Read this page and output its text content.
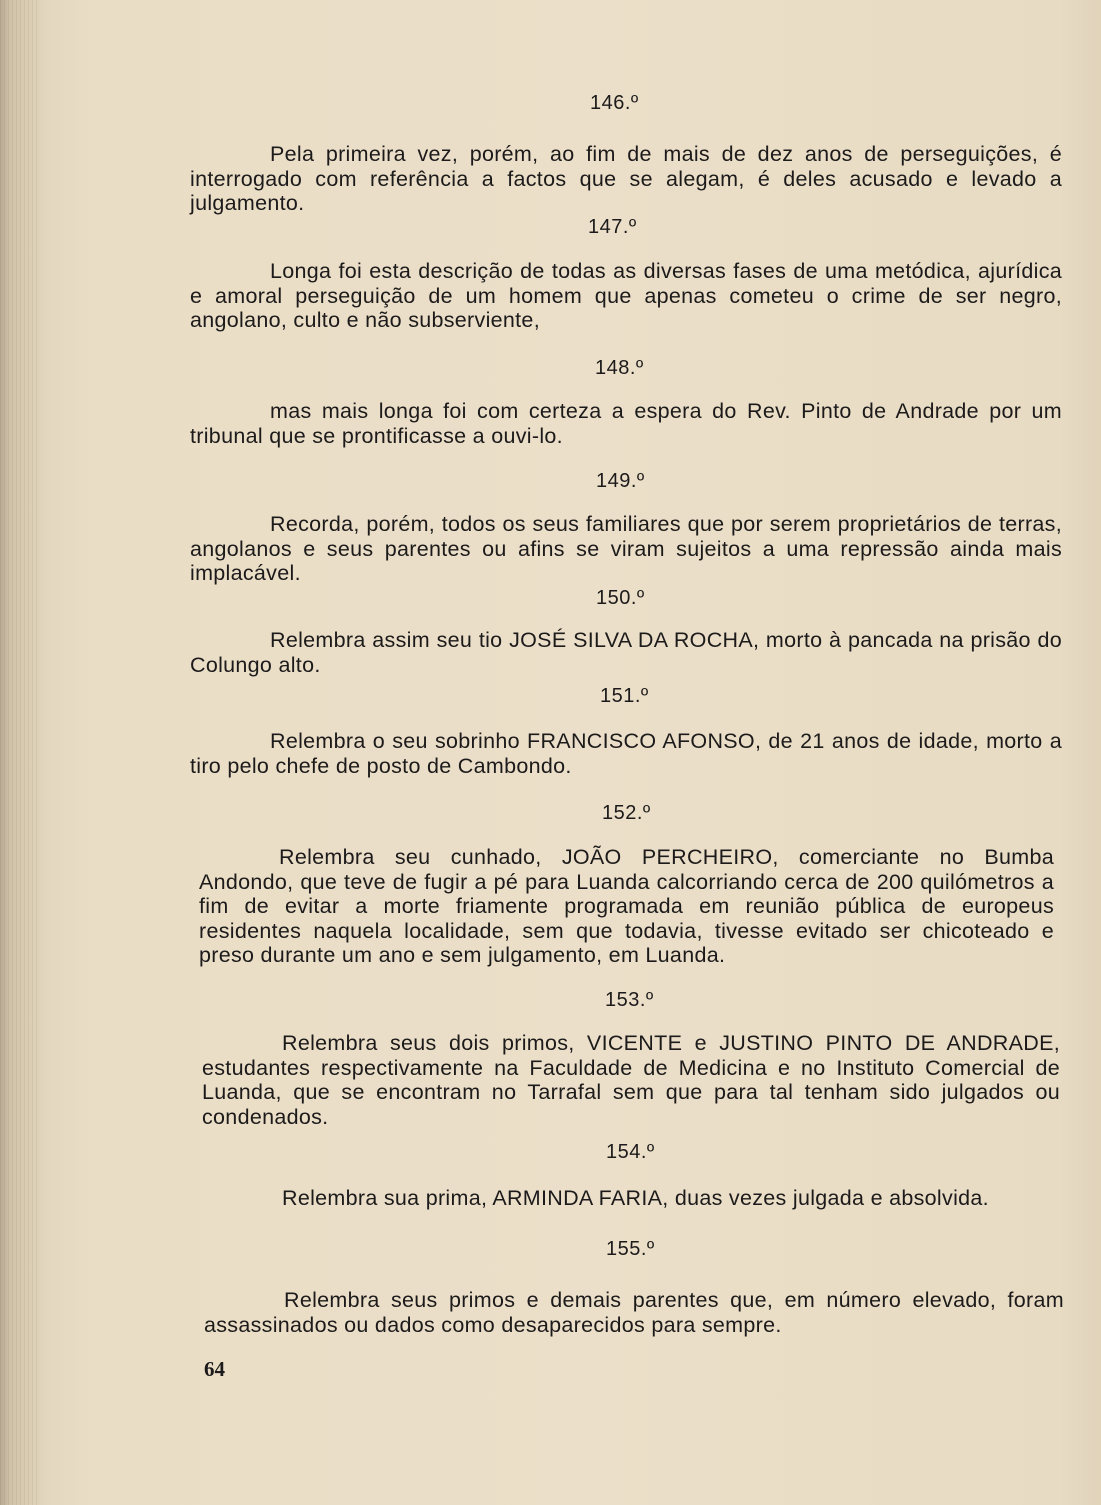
146.º
Pela primeira vez, porém, ao fim de mais de dez anos de perseguições, é interrogado com referência a factos que se alegam, é deles acusado e levado a julgamento.
147.º
Longa foi esta descrição de todas as diversas fases de uma metódica, ajurídica e amoral perseguição de um homem que apenas cometeu o crime de ser negro, angolano, culto e não subserviente,
148.º
mas mais longa foi com certeza a espera do Rev. Pinto de Andrade por um tribunal que se prontificasse a ouvi-lo.
149.º
Recorda, porém, todos os seus familiares que por serem proprietários de terras, angolanos e seus parentes ou afins se viram sujeitos a uma repressão ainda mais implacável.
150.º
Relembra assim seu tio JOSÉ SILVA DA ROCHA, morto à pancada na prisão do Colungo alto.
151.º
Relembra o seu sobrinho FRANCISCO AFONSO, de 21 anos de idade, morto a tiro pelo chefe de posto de Cambondo.
152.º
Relembra seu cunhado, JOÃO PERCHEIRO, comerciante no Bumba Andondo, que teve de fugir a pé para Luanda calcorriando cerca de 200 quilómetros a fim de evitar a morte friamente programada em reunião pública de europeus residentes naquela localidade, sem que todavia, tivesse evitado ser chicoteado e preso durante um ano e sem julgamento, em Luanda.
153.º
Relembra seus dois primos, VICENTE e JUSTINO PINTO DE ANDRADE, estudantes respectivamente na Faculdade de Medicina e no Instituto Comercial de Luanda, que se encontram no Tarrafal sem que para tal tenham sido julgados ou condenados.
154.º
Relembra sua prima, ARMINDA FARIA, duas vezes julgada e absolvida.
155.º
Relembra seus primos e demais parentes que, em número elevado, foram assassinados ou dados como desaparecidos para sempre.
64
